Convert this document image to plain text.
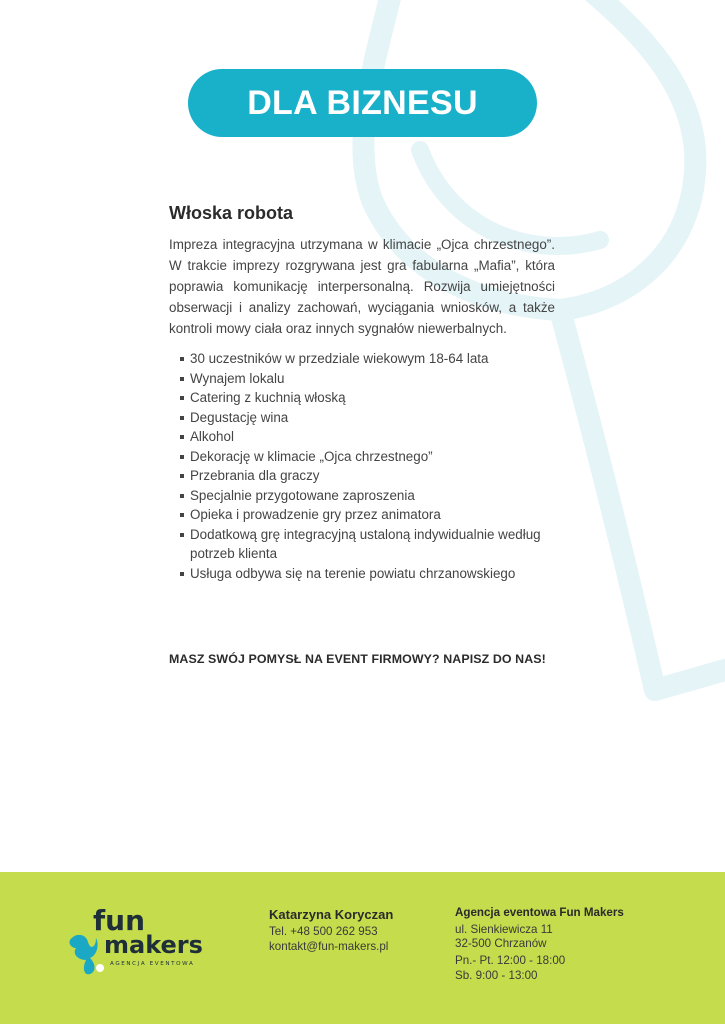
DLA BIZNESU
Włoska robota

Impreza integracyjna utrzymana w klimacie „Ojca chrzestnego”. W trakcie imprezy rozgrywana jest gra fabularna „Mafia”, która poprawia komunikację interpersonalną. Rozwija umiejętności obserwacji i analizy zachowań, wyciągania wniosków, a także kontroli mowy ciała oraz innych sygnałów niewerbalnych.

30 uczestników w przedziale wiekowym 18-64 lata
Wynajem lokalu
Catering z kuchnią włoską
Degustację wina
Alkohol
Dekorację w klimacie „Ojca chrzestnego”
Przebrania dla graczy
Specjalnie przygotowane zaproszenia
Opieka i prowadzenie gry przez animatora
Dodatkową grę integracyjną ustaloną indywidualnie według potrzeb klienta
Usługa odbywa się na terenie powiatu chrzanowskiego

MASZ SWÓJ POMYSŁ NA EVENT FIRMOWY? NAPISZ DO NAS!

fun
makers
AGENCJA EVENTOWA
Katarzyna Koryczan
Tel. +48 500 262 953
kontakt@fun-makers.pl
Agencja eventowa Fun Makers
ul. Sienkiewicza 11
32-500 Chrzanów
Pn.- Pt. 12:00 - 18:00
Sb. 9:00 - 13:00
